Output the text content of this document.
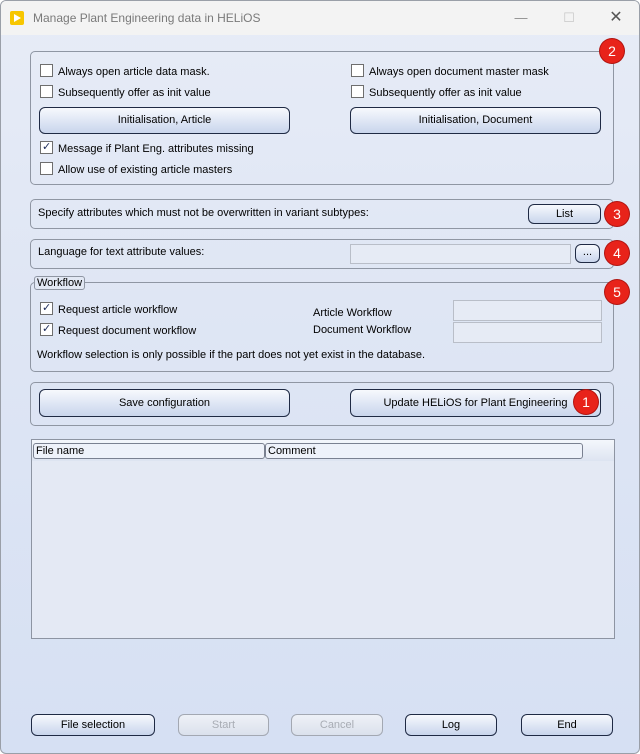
Manage Plant Engineering data in HELiOS	—	☐	✕
Always open article data mask.
Subsequently offer as init value
Always open document master mask
Subsequently offer as init value
Initialisation, Article	Initialisation, Document
✓Message if Plant Eng. attributes missing
Allow use of existing article masters
Specify attributes which must not be overwritten in variant subtypes:	List
Language for text attribute values:	...
Workflow
✓Request article workflow
✓Request document workflow
Article Workflow
Document Workflow
Workflow selection is only possible if the part does not yet exist in the database.
Save configuration	Update HELiOS for Plant Engineering
File name	Comment
File selection	Start	Cancel	Log	End
1
2
3
4
5
